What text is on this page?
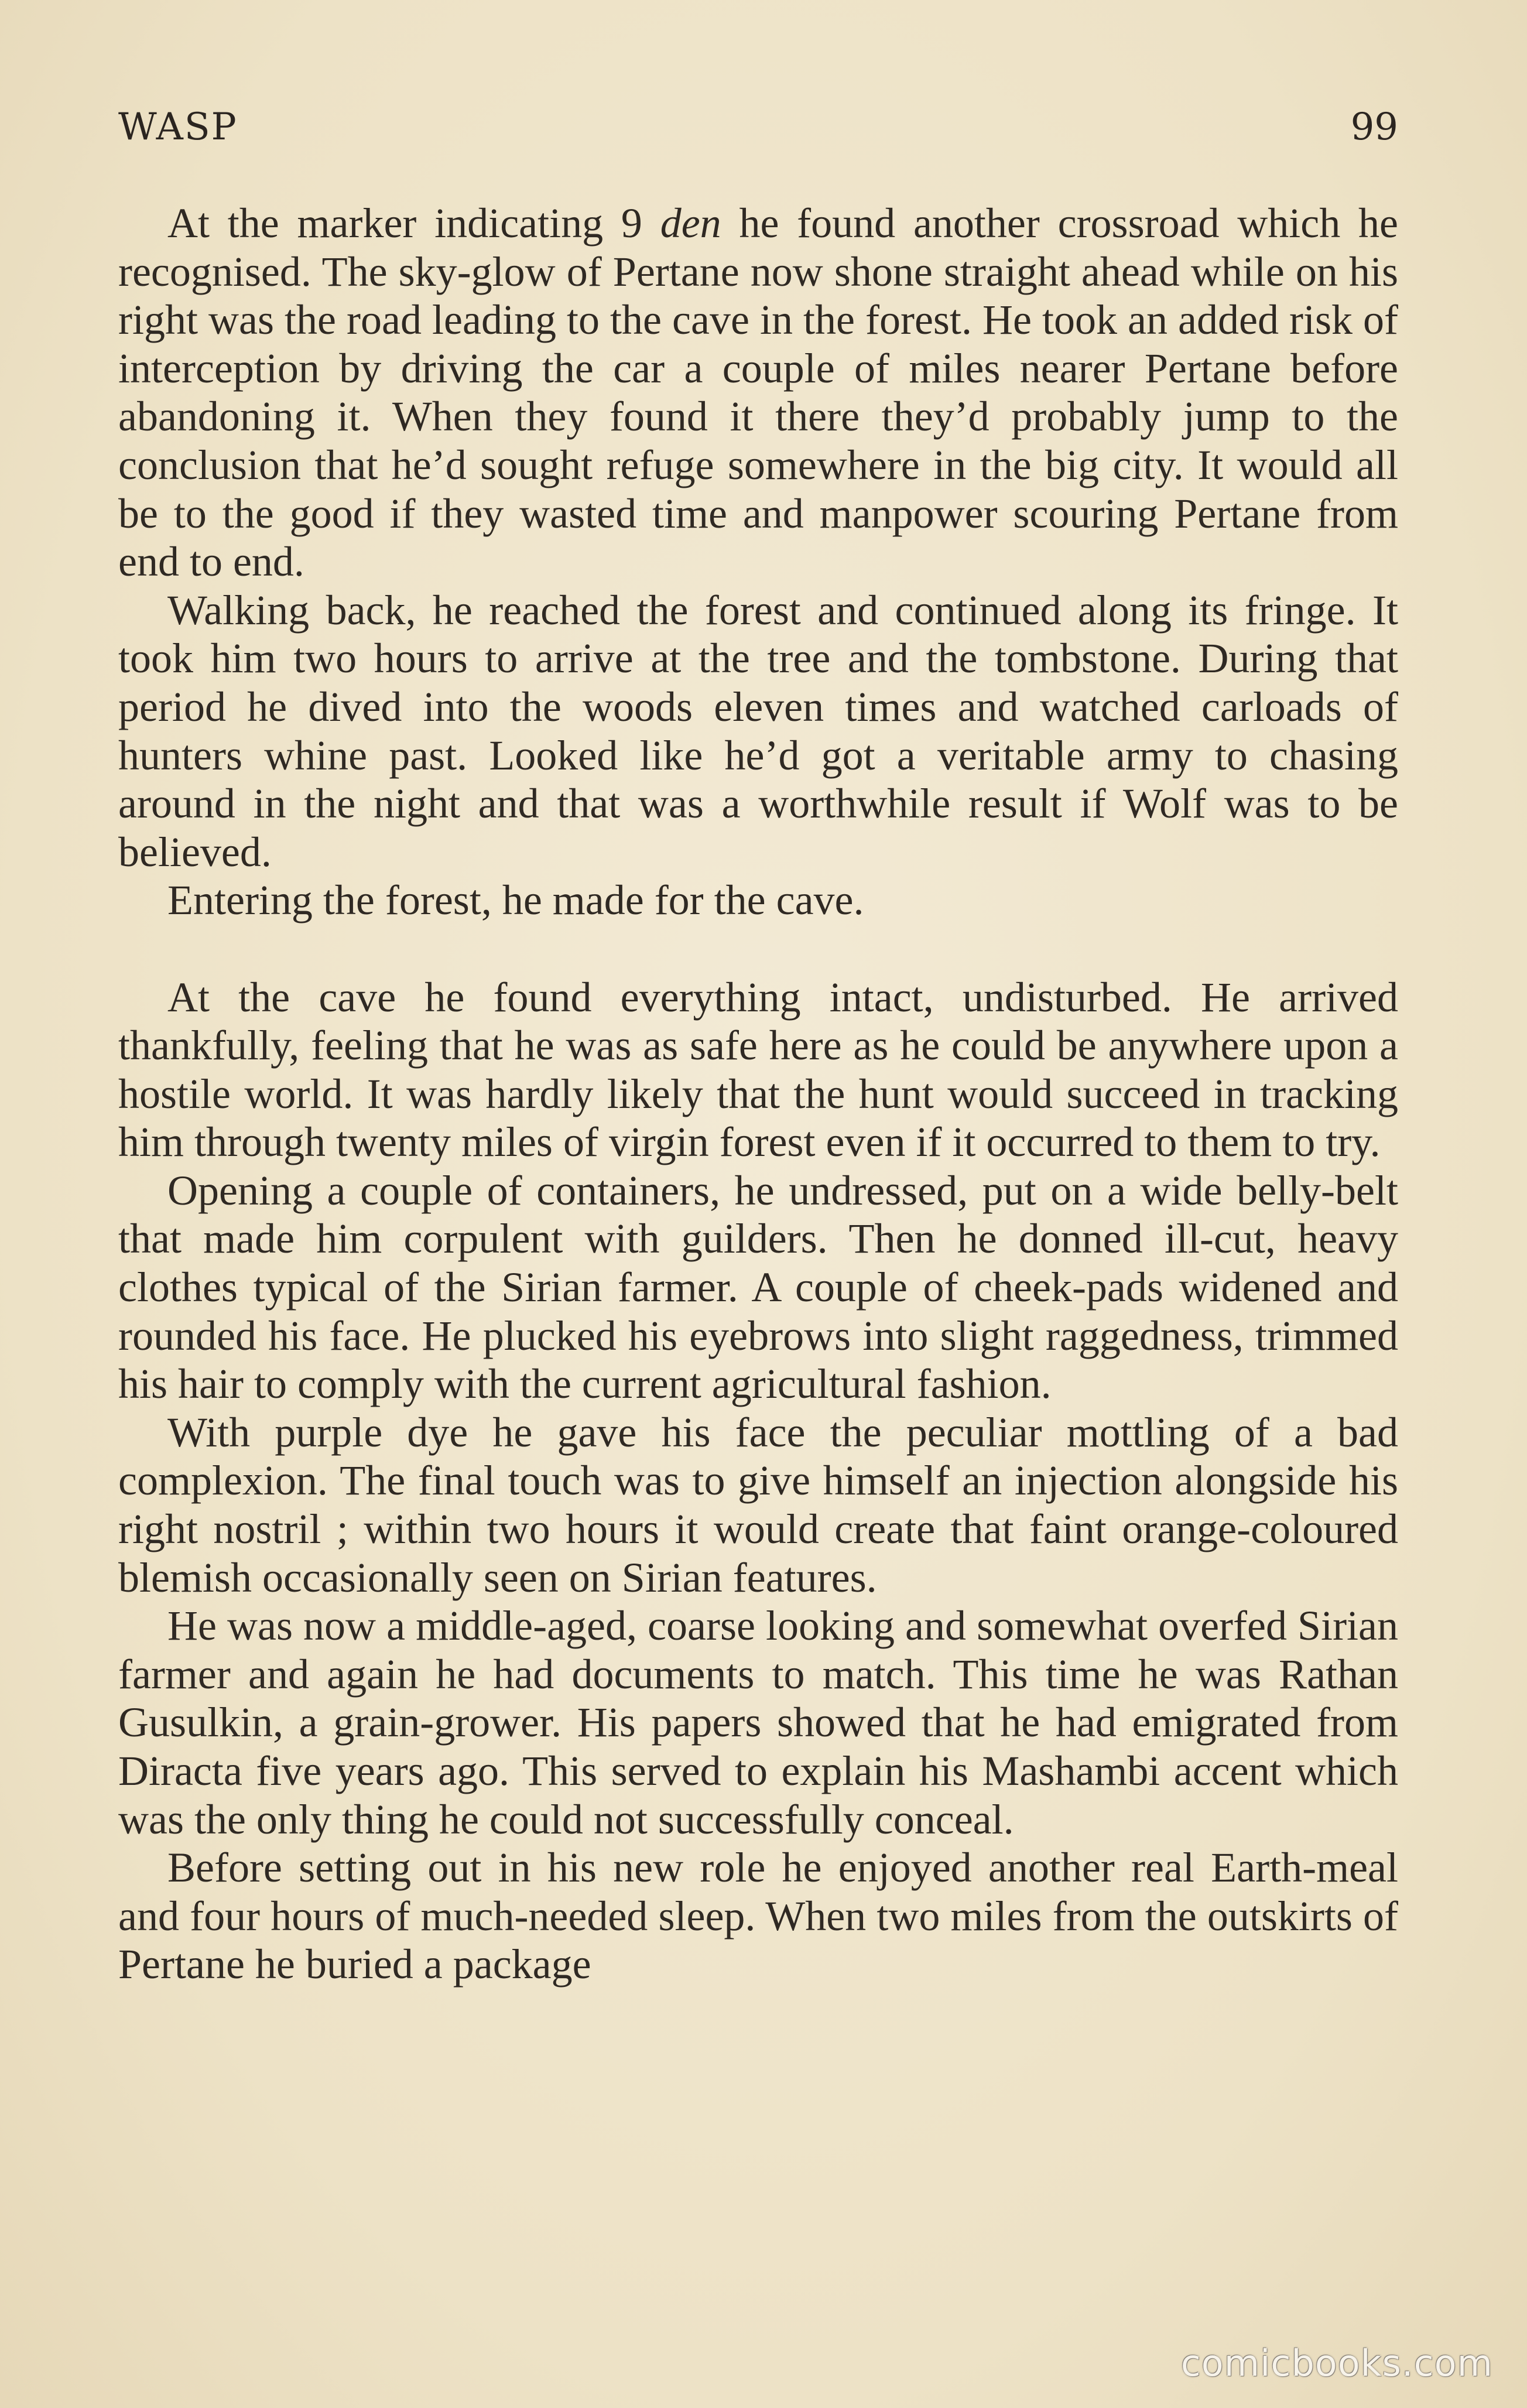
WASP	99

At the marker indicating 9 den he found another crossroad which he recognised. The sky-glow of Pertane now shone straight ahead while on his right was the road leading to the cave in the forest. He took an added risk of interception by driving the car a couple of miles nearer Pertane before abandoning it. When they found it there they’d probably jump to the conclusion that he’d sought refuge somewhere in the big city. It would all be to the good if they wasted time and manpower scouring Pertane from end to end.

Walking back, he reached the forest and continued along its fringe. It took him two hours to arrive at the tree and the tombstone. During that period he dived into the woods eleven times and watched carloads of hunters whine past. Looked like he’d got a veritable army to chasing around in the night and that was a worthwhile result if Wolf was to be believed.

Entering the forest, he made for the cave.

At the cave he found everything intact, undisturbed. He arrived thankfully, feeling that he was as safe here as he could be anywhere upon a hostile world. It was hardly likely that the hunt would succeed in tracking him through twenty miles of virgin forest even if it occurred to them to try.

Opening a couple of containers, he undressed, put on a wide belly-belt that made him corpulent with guilders. Then he donned ill-cut, heavy clothes typical of the Sirian farmer. A couple of cheek-pads widened and rounded his face. He plucked his eyebrows into slight raggedness, trimmed his hair to comply with the current agricultural fashion.

With purple dye he gave his face the peculiar mottling of a bad complexion. The final touch was to give himself an injection alongside his right nostril ; within two hours it would create that faint orange-coloured blemish occasionally seen on Sirian features.

He was now a middle-aged, coarse looking and somewhat overfed Sirian farmer and again he had documents to match. This time he was Rathan Gusulkin, a grain-grower. His papers showed that he had emigrated from Diracta five years ago. This served to explain his Mashambi accent which was the only thing he could not successfully conceal.

Before setting out in his new role he enjoyed another real Earth-meal and four hours of much-needed sleep. When two miles from the outskirts of Pertane he buried a package

comicbooks.com
